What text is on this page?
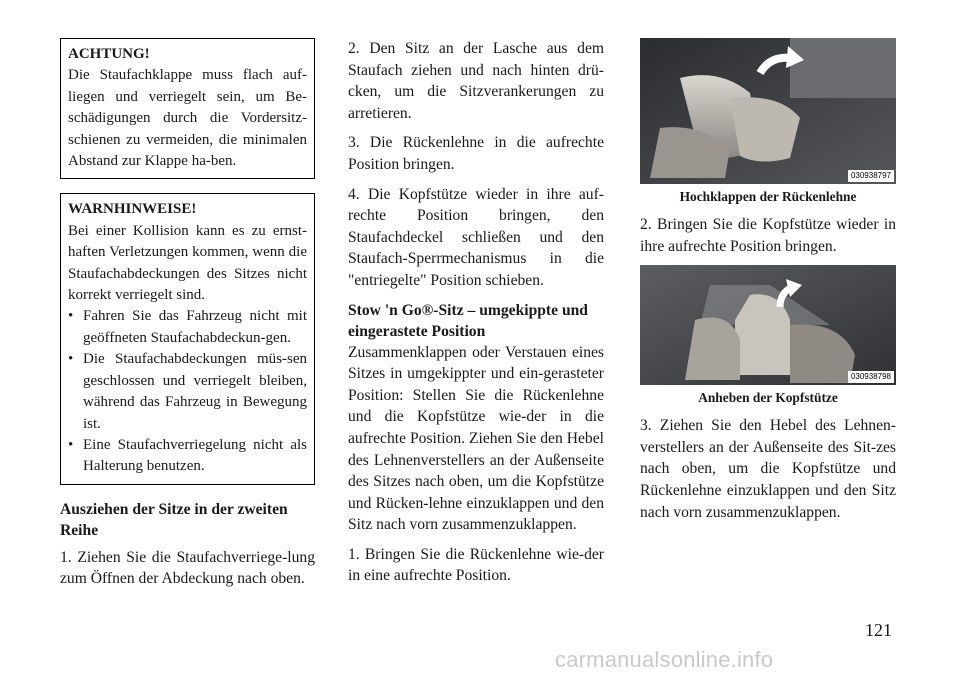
ACHTUNG!
Die Staufachklappe muss flach auf-liegen und verriegelt sein, um Be-schädigungen durch die Vordersitz-schienen zu vermeiden, die minimalen Abstand zur Klappe ha-ben.
WARNHINWEISE!
Bei einer Kollision kann es zu ernst-haften Verletzungen kommen, wenn die Staufachabdeckungen des Sitzes nicht korrekt verriegelt sind.
• Fahren Sie das Fahrzeug nicht mit geöffneten Staufachabdeckun-gen.
• Die Staufachabdeckungen müs-sen geschlossen und verriegelt bleiben, während das Fahrzeug in Bewegung ist.
• Eine Staufachverriegelung nicht als Halterung benutzen.
Ausziehen der Sitze in der zweiten Reihe

1. Ziehen Sie die Staufachverriege-lung zum Öffnen der Abdeckung nach oben.

2. Den Sitz an der Lasche aus dem Staufach ziehen und nach hinten drü-cken, um die Sitzverankerungen zu arretieren.

3. Die Rückenlehne in die aufrechte Position bringen.

4. Die Kopfstütze wieder in ihre auf-rechte Position bringen, den Staufachdeckel schließen und den Staufach-Sperrmechanismus in die "entriegelte" Position schieben.

Stow 'n Go®-Sitz – umgekippte und eingerastete Position

Zusammenklappen oder Verstauen eines Sitzes in umgekippter und ein-gerasteter Position: Stellen Sie die Rückenlehne und die Kopfstütze wie-der in die aufrechte Position. Ziehen Sie den Hebel des Lehnenverstellers an der Außenseite des Sitzes nach oben, um die Kopfstütze und Rücken-lehne einzuklappen und den Sitz nach vorn zusammenzuklappen.

1. Bringen Sie die Rückenlehne wie-der in eine aufrechte Position.

030938797
Hochklappen der Rückenlehne

2. Bringen Sie die Kopfstütze wieder in ihre aufrechte Position bringen.

030938798
Anheben der Kopfstütze

3. Ziehen Sie den Hebel des Lehnen-verstellers an der Außenseite des Sit-zes nach oben, um die Kopfstütze und Rückenlehne einzuklappen und den Sitz nach vorn zusammenzuklappen.

121
carmanualsonline.info
